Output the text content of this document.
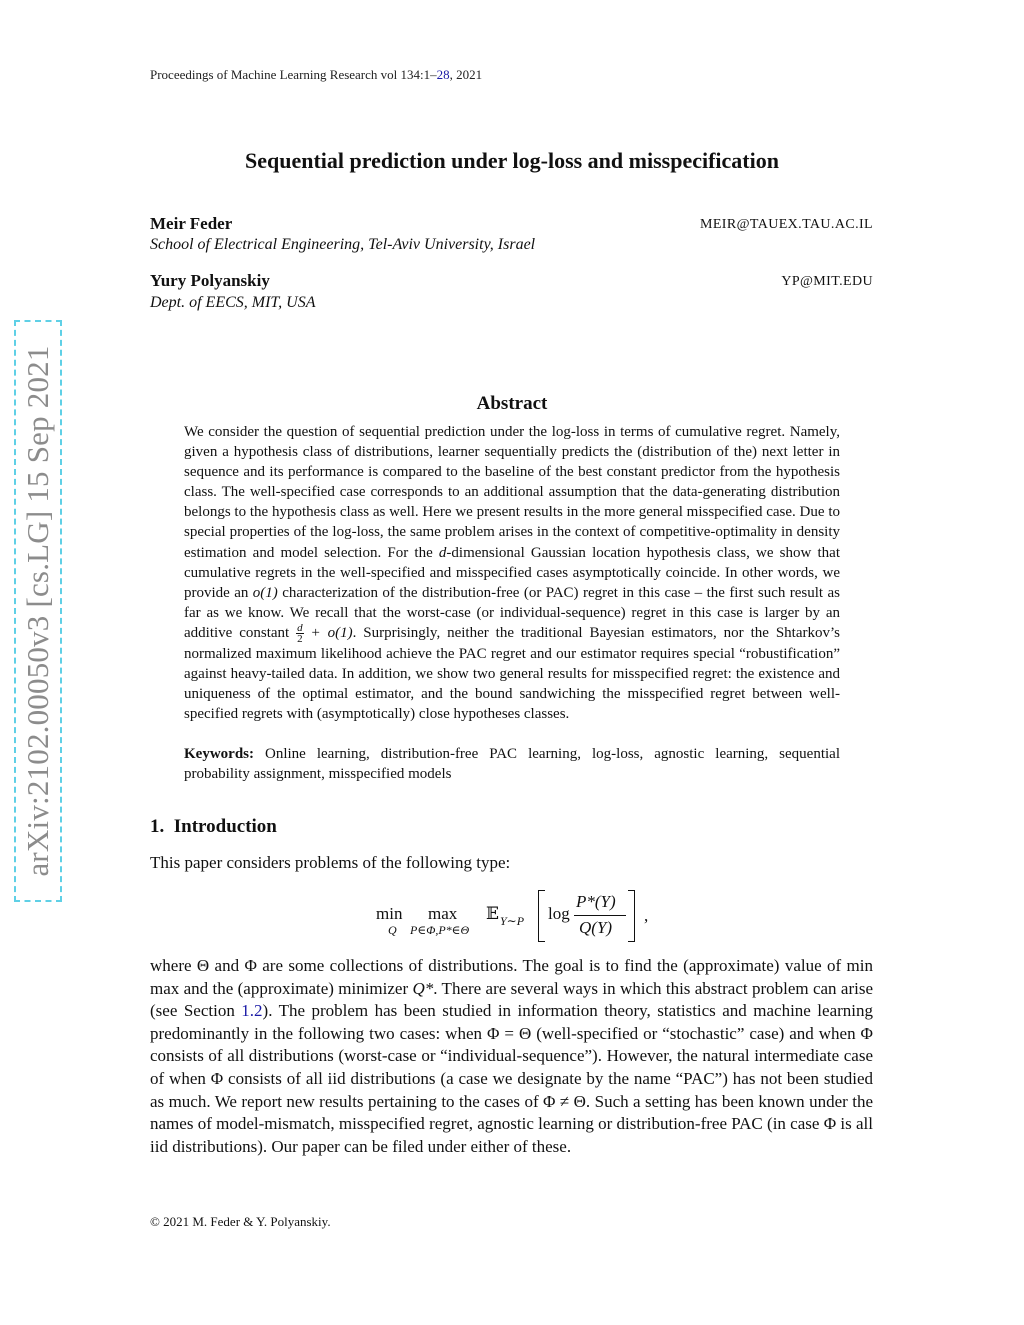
Proceedings of Machine Learning Research vol 134:1–28, 2021
arXiv:2102.00050v3 [cs.LG] 15 Sep 2021
Sequential prediction under log-loss and misspecification
Meir Feder	MEIR@TAUEX.TAU.AC.IL
School of Electrical Engineering, Tel-Aviv University, Israel
Yury Polyanskiy	YP@MIT.EDU
Dept. of EECS, MIT, USA
Abstract
We consider the question of sequential prediction under the log-loss in terms of cumulative regret. Namely, given a hypothesis class of distributions, learner sequentially predicts the (distribution of the) next letter in sequence and its performance is compared to the baseline of the best constant predictor from the hypothesis class. The well-specified case corresponds to an additional assumption that the data-generating distribution belongs to the hypothesis class as well. Here we present results in the more general misspecified case. Due to special properties of the log-loss, the same problem arises in the context of competitive-optimality in density estimation and model selection. For the d-dimensional Gaussian location hypothesis class, we show that cumulative regrets in the well-specified and misspecified cases asymptotically coincide. In other words, we provide an o(1) characterization of the distribution-free (or PAC) regret in this case – the first such result as far as we know. We recall that the worst-case (or individual-sequence) regret in this case is larger by an additive constant $\frac{d}{2} + o(1)$. Surprisingly, neither the traditional Bayesian estimators, nor the Shtarkov’s normalized maximum likelihood achieve the PAC regret and our estimator requires special “robustification” against heavy-tailed data. In addition, we show two general results for misspecified regret: the existence and uniqueness of the optimal estimator, and the bound sandwiching the misspecified regret between well-specified regrets with (asymptotically) close hypotheses classes.
Keywords: Online learning, distribution-free PAC learning, log-loss, agnostic learning, sequential probability assignment, misspecified models
1. Introduction
This paper considers problems of the following type:
min
Q
max
P∈Φ,P*∈Θ
𝔼 Y∼P log
P*(Y)
Q(Y)
,
where Θ and Φ are some collections of distributions. The goal is to find the (approximate) value of min max and the (approximate) minimizer Q*. There are several ways in which this abstract problem can arise (see Section 1.2). The problem has been studied in information theory, statistics and machine learning predominantly in the following two cases: when Φ = Θ (well-specified or “stochastic” case) and when Φ consists of all distributions (worst-case or “individual-sequence”). However, the natural intermediate case of when Φ consists of all iid distributions (a case we designate by the name “PAC”) has not been studied as much. We report new results pertaining to the cases of Φ ≠ Θ. Such a setting has been known under the names of model-mismatch, misspecified regret, agnostic learning or distribution-free PAC (in case Φ is all iid distributions). Our paper can be filed under either of these.
© 2021 M. Feder & Y. Polyanskiy.
